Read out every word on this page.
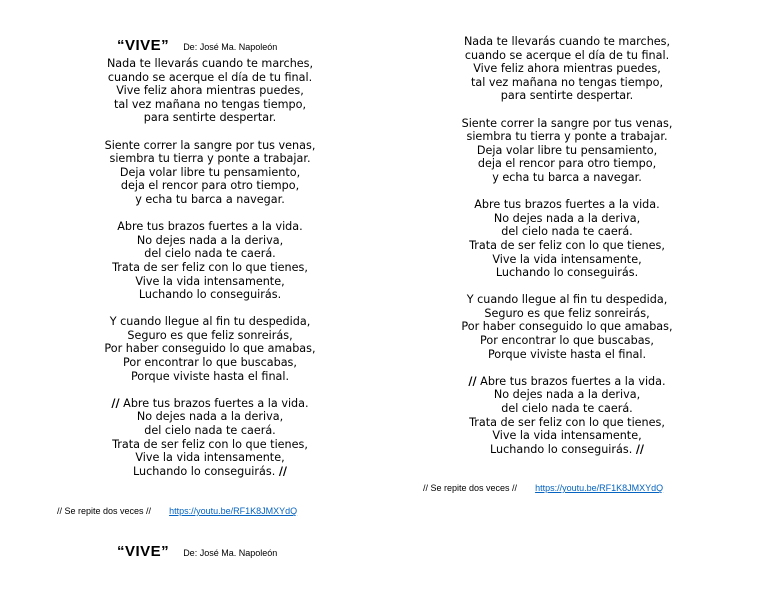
“VIVE” De: José Ma. Napoleón
Nada te llevarás cuando te marches,
cuando se acerque el día de tu final.
Vive feliz ahora mientras puedes,
tal vez mañana no tengas tiempo,
para sentirte despertar.
Siente correr la sangre por tus venas,
siembra tu tierra y ponte a trabajar.
Deja volar libre tu pensamiento,
deja el rencor para otro tiempo,
y echa tu barca a navegar.
Abre tus brazos fuertes a la vida.
No dejes nada a la deriva,
del cielo nada te caerá.
Trata de ser feliz con lo que tienes,
Vive la vida intensamente,
Luchando lo conseguirás.
Y cuando llegue al fin tu despedida,
Seguro es que feliz sonreirás,
Por haber conseguido lo que amabas,
Por encontrar lo que buscabas,
Porque viviste hasta el final.
// Abre tus brazos fuertes a la vida.
No dejes nada a la deriva,
del cielo nada te caerá.
Trata de ser feliz con lo que tienes,
Vive la vida intensamente,
Luchando lo conseguirás. //
// Se repite dos veces // https://youtu.be/RF1K8JMXYdQ
“VIVE” De: José Ma. Napoleón
Nada te llevarás cuando te marches,
cuando se acerque el día de tu final.
Vive feliz ahora mientras puedes,
tal vez mañana no tengas tiempo,
para sentirte despertar.
Siente correr la sangre por tus venas,
siembra tu tierra y ponte a trabajar.
Deja volar libre tu pensamiento,
deja el rencor para otro tiempo,
y echa tu barca a navegar.
Abre tus brazos fuertes a la vida.
No dejes nada a la deriva,
del cielo nada te caerá.
Trata de ser feliz con lo que tienes,
Vive la vida intensamente,
Luchando lo conseguirás.
Y cuando llegue al fin tu despedida,
Seguro es que feliz sonreirás,
Por haber conseguido lo que amabas,
Por encontrar lo que buscabas,
Porque viviste hasta el final.
// Abre tus brazos fuertes a la vida.
No dejes nada a la deriva,
del cielo nada te caerá.
Trata de ser feliz con lo que tienes,
Vive la vida intensamente,
Luchando lo conseguirás. //
// Se repite dos veces // https://youtu.be/RF1K8JMXYdQ
